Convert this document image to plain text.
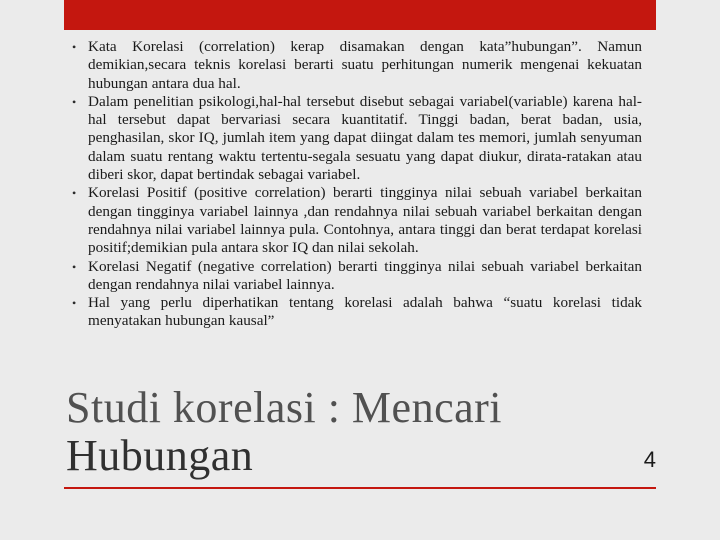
• Kata Korelasi (correlation) kerap disamakan dengan kata”hubungan”. Namun demikian,secara teknis korelasi berarti suatu perhitungan numerik mengenai kekuatan hubungan antara dua hal.
• Dalam penelitian psikologi,hal-hal tersebut disebut sebagai variabel(variable) karena hal-hal tersebut dapat bervariasi secara kuantitatif. Tinggi badan, berat badan, usia, penghasilan, skor IQ, jumlah item yang dapat diingat dalam tes memori, jumlah senyuman dalam suatu rentang waktu tertentu-segala sesuatu yang dapat diukur, dirata-ratakan atau diberi skor, dapat bertindak sebagai variabel.
• Korelasi Positif (positive correlation) berarti tingginya nilai sebuah variabel berkaitan dengan tingginya variabel lainnya ,dan rendahnya nilai sebuah variabel berkaitan dengan rendahnya nilai variabel lainnya pula. Contohnya, antara tinggi dan berat terdapat korelasi positif;demikian pula antara skor IQ dan nilai sekolah.
• Korelasi Negatif (negative correlation) berarti tingginya nilai sebuah variabel berkaitan dengan rendahnya nilai variabel lainnya.
• Hal yang perlu diperhatikan tentang korelasi adalah bahwa “suatu korelasi tidak menyatakan hubungan kausal”
Studi korelasi : Mencari
Hubungan	4
